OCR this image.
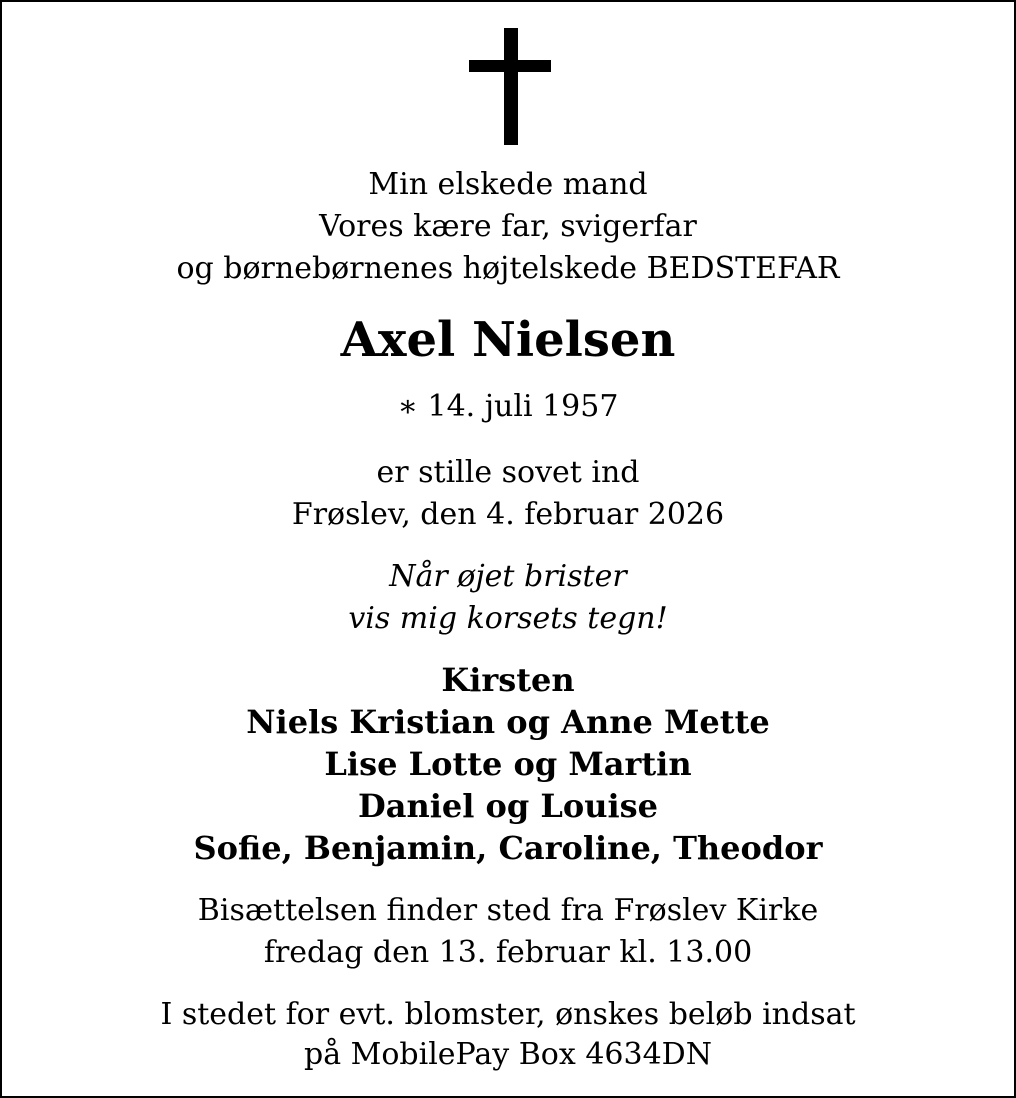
Min elskede mand
Vores kære far, svigerfar
og børnebørnenes højtelskede BEDSTEFAR
Axel Nielsen
∗ 14. juli 1957
er stille sovet ind
Frøslev, den 4. februar 2026
Når øjet brister
vis mig korsets tegn!
Kirsten
Niels Kristian og Anne Mette
Lise Lotte og Martin
Daniel og Louise
Sofie, Benjamin, Caroline, Theodor
Bisættelsen finder sted fra Frøslev Kirke
fredag den 13. februar kl. 13.00
I stedet for evt. blomster, ønskes beløb indsat
på MobilePay Box 4634DN
